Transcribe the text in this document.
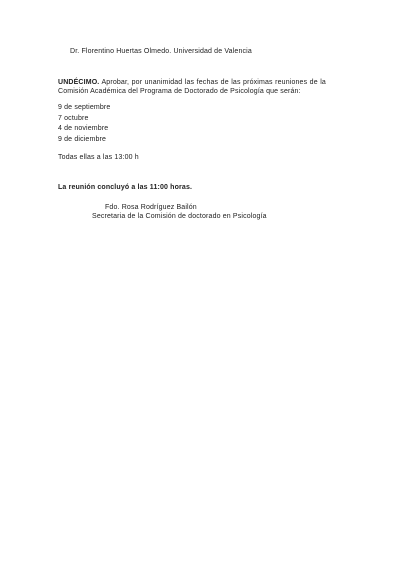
Dr. Florentino Huertas Olmedo. Universidad de Valencia
UNDÉCIMO. Aprobar, por unanimidad las fechas de las próximas reuniones de la Comisión Académica del Programa de Doctorado de Psicología que serán:
9 de septiembre
7 octubre
4 de noviembre
9 de diciembre
Todas ellas a las 13:00 h
La reunión concluyó a las 11:00 horas.
Fdo. Rosa Rodríguez Bailón
Secretaria de la Comisión de doctorado en Psicología
